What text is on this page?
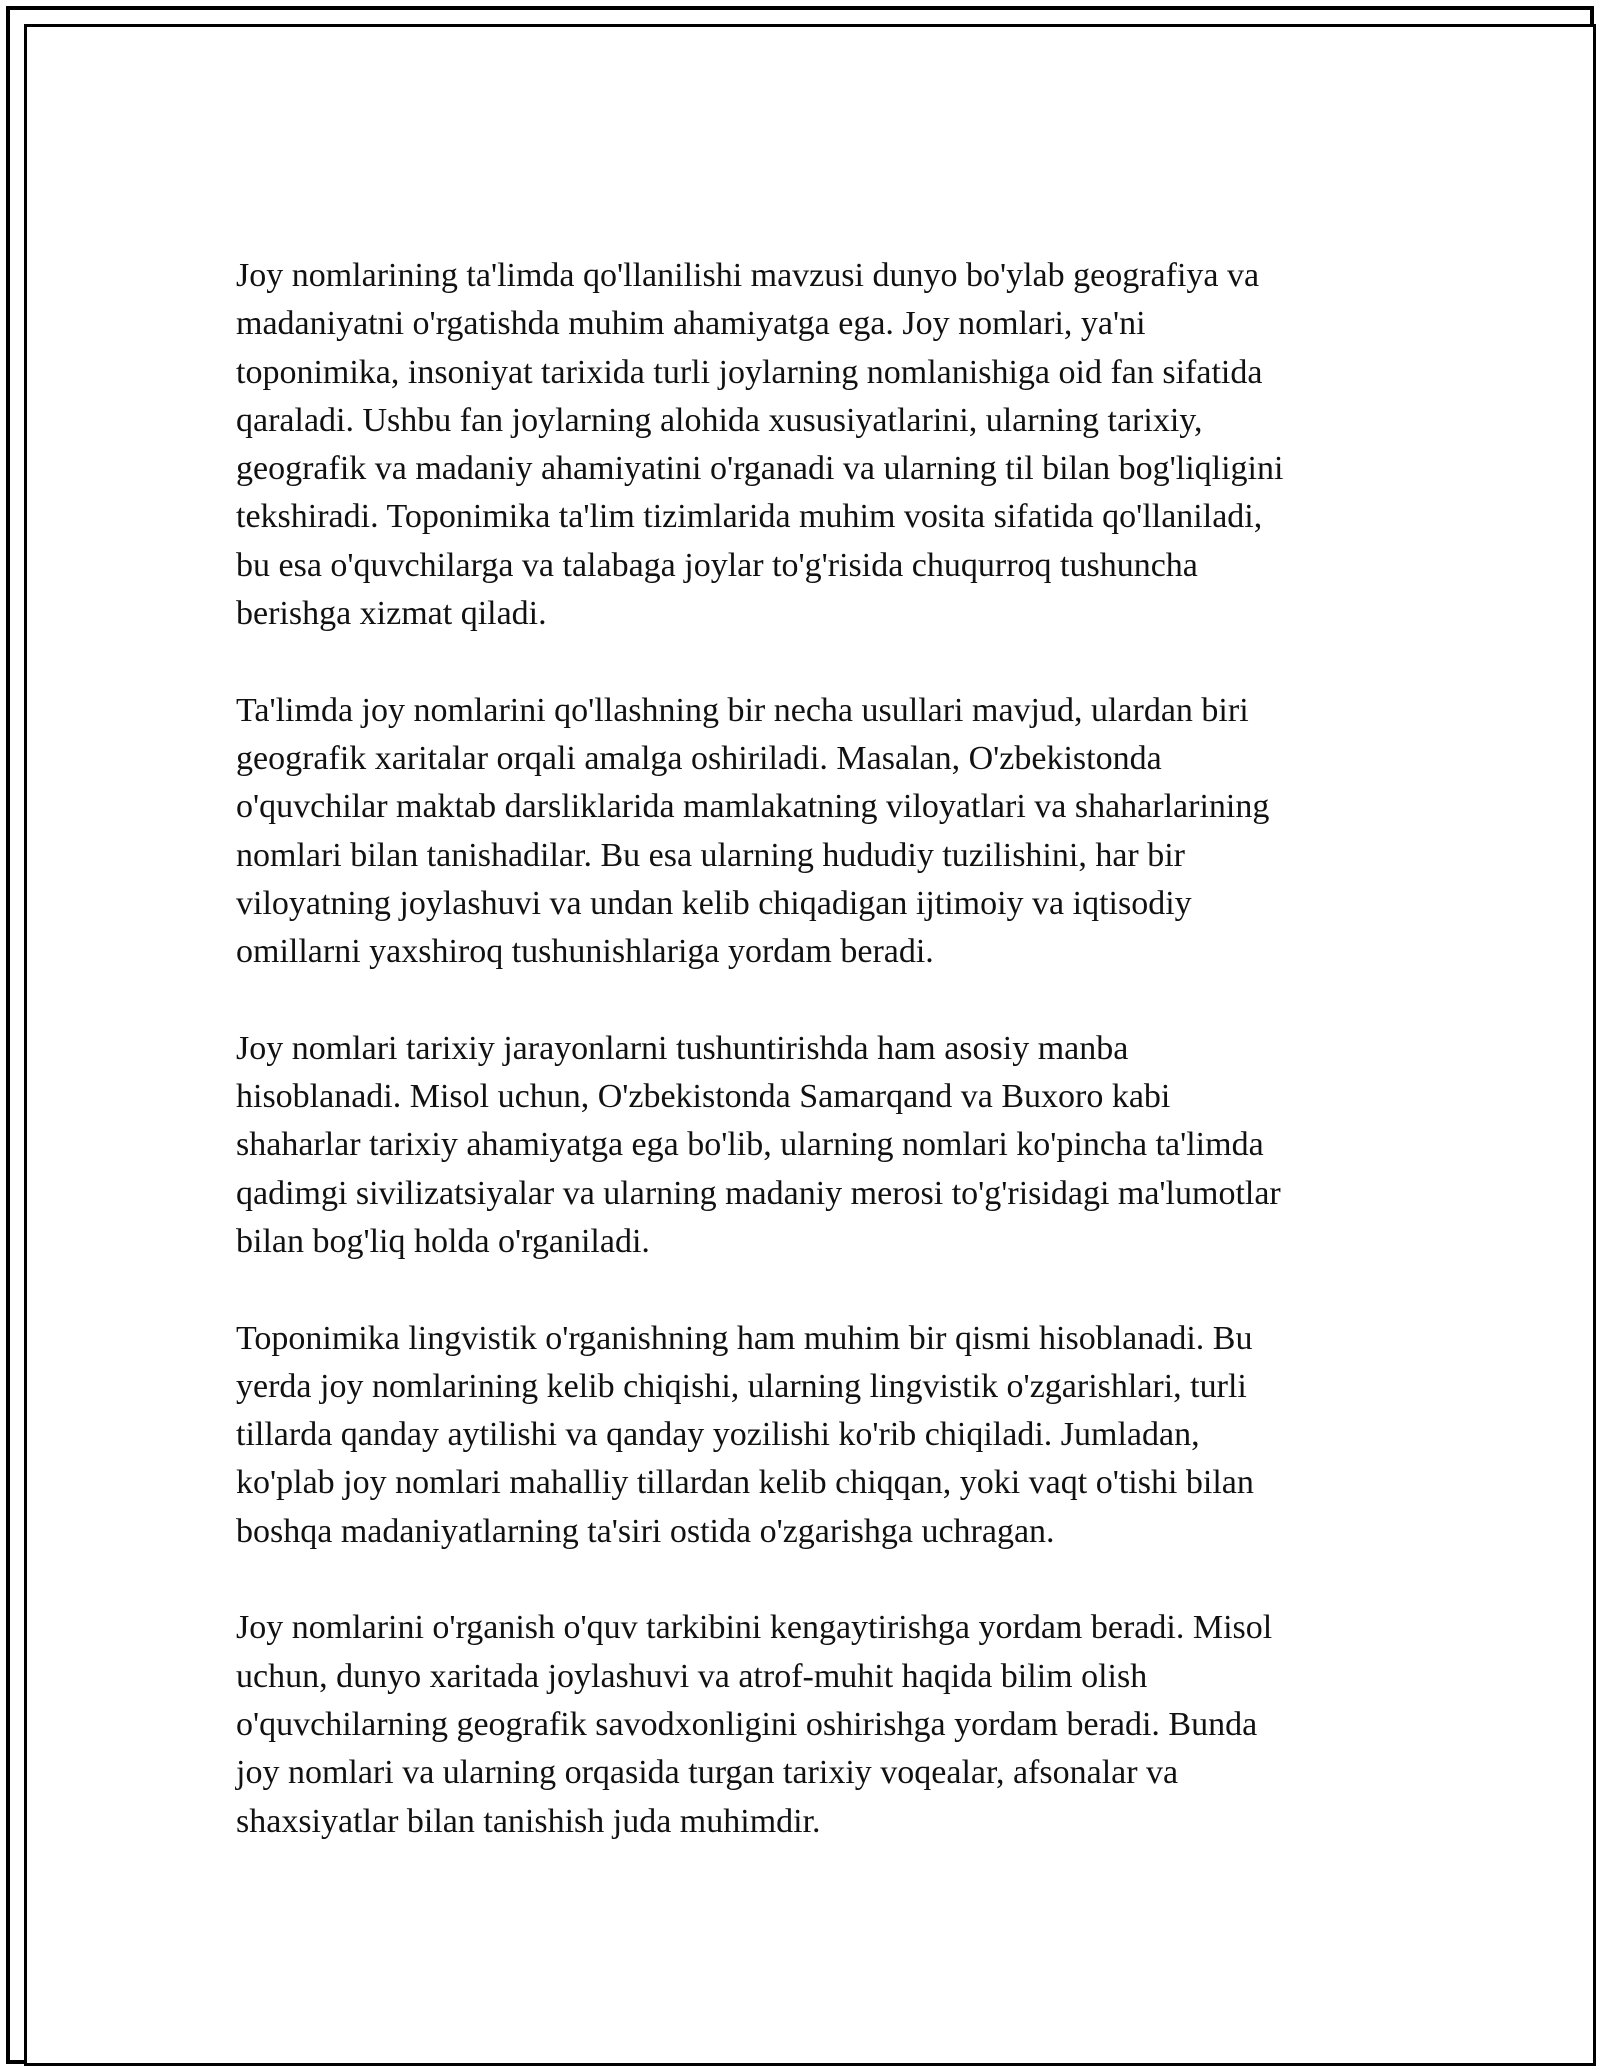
Joy nomlarining ta'limda qo'llanilishi mavzusi dunyo bo'ylab geografiya va
madaniyatni o'rgatishda muhim ahamiyatga ega. Joy nomlari, ya'ni
toponimika, insoniyat tarixida turli joylarning nomlanishiga oid fan sifatida
qaraladi. Ushbu fan joylarning alohida xususiyatlarini, ularning tarixiy,
geografik va madaniy ahamiyatini o'rganadi va ularning til bilan bog'liqligini
tekshiradi. Toponimika ta'lim tizimlarida muhim vosita sifatida qo'llaniladi,
bu esa o'quvchilarga va talabaga joylar to'g'risida chuqurroq tushuncha
berishga xizmat qiladi.

Ta'limda joy nomlarini qo'llashning bir necha usullari mavjud, ulardan biri
geografik xaritalar orqali amalga oshiriladi. Masalan, O'zbekistonda
o'quvchilar maktab darsliklarida mamlakatning viloyatlari va shaharlarining
nomlari bilan tanishadilar. Bu esa ularning hududiy tuzilishini, har bir
viloyatning joylashuvi va undan kelib chiqadigan ijtimoiy va iqtisodiy
omillarni yaxshiroq tushunishlariga yordam beradi.

Joy nomlari tarixiy jarayonlarni tushuntirishda ham asosiy manba
hisoblanadi. Misol uchun, O'zbekistonda Samarqand va Buxoro kabi
shaharlar tarixiy ahamiyatga ega bo'lib, ularning nomlari ko'pincha ta'limda
qadimgi sivilizatsiyalar va ularning madaniy merosi to'g'risidagi ma'lumotlar
bilan bog'liq holda o'rganiladi.

Toponimika lingvistik o'rganishning ham muhim bir qismi hisoblanadi. Bu
yerda joy nomlarining kelib chiqishi, ularning lingvistik o'zgarishlari, turli
tillarda qanday aytilishi va qanday yozilishi ko'rib chiqiladi. Jumladan,
ko'plab joy nomlari mahalliy tillardan kelib chiqqan, yoki vaqt o'tishi bilan
boshqa madaniyatlarning ta'siri ostida o'zgarishga uchragan.

Joy nomlarini o'rganish o'quv tarkibini kengaytirishga yordam beradi. Misol
uchun, dunyo xaritada joylashuvi va atrof-muhit haqida bilim olish
o'quvchilarning geografik savodxonligini oshirishga yordam beradi. Bunda
joy nomlari va ularning orqasida turgan tarixiy voqealar, afsonalar va
shaxsiyatlar bilan tanishish juda muhimdir.
